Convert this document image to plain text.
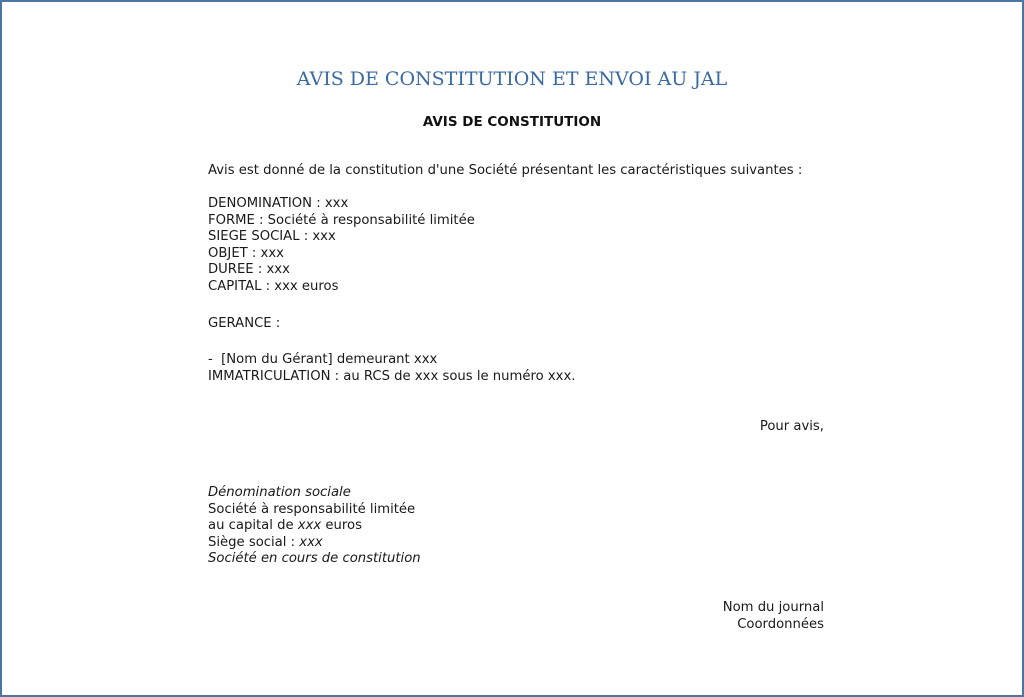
AVIS DE CONSTITUTION ET ENVOI AU JAL
AVIS DE CONSTITUTION
Avis est donné de la constitution d'une Société présentant les caractéristiques suivantes :
DENOMINATION : xxx
FORME : Société à responsabilité limitée
SIEGE SOCIAL : xxx
OBJET : xxx
DUREE : xxx
CAPITAL : xxx euros
GERANCE :
-  [Nom du Gérant] demeurant xxx
IMMATRICULATION : au RCS de xxx sous le numéro xxx.
Pour avis,
Dénomination sociale
Société à responsabilité limitée
au capital de xxx euros
Siège social : xxx
Société en cours de constitution
Nom du journal
Coordonnées
